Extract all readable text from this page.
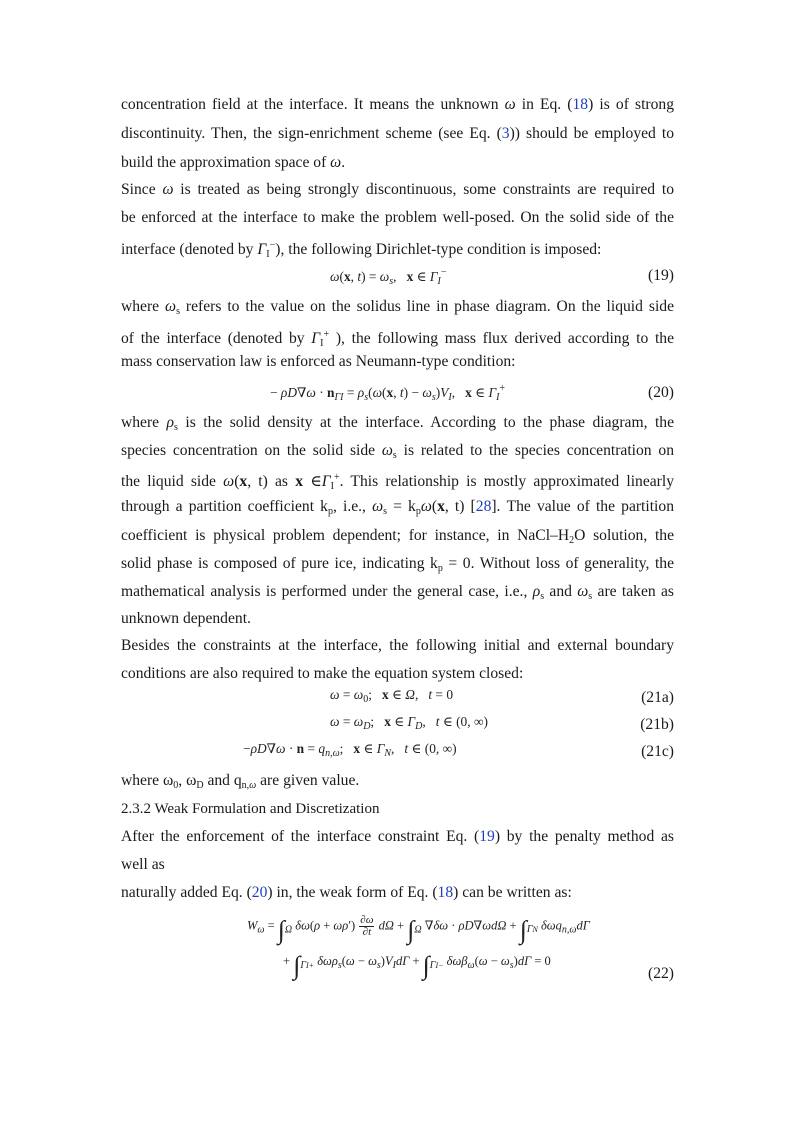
concentration field at the interface. It means the unknown ω in Eq. (18) is of strong
discontinuity. Then, the sign-enrichment scheme (see Eq. (3)) should be employed to
build the approximation space of ω.
Since ω is treated as being strongly discontinuous, some constraints are required to
be enforced at the interface to make the problem well-posed. On the solid side of the
interface (denoted by $\Gamma_I^-$), the following Dirichlet-type condition is imposed:
ω(x, $t) = \omega_s$,   x ∈ $\Gamma_I^-$	(19)
where $\omega_s$ refers to the value on the solidus line in phase diagram. On the liquid side
of the interface (denoted by $\Gamma_I^+$ ), the following mass flux derived according to the
mass conservation law is enforced as Neumann-type condition:
− $\rho D\nabla\omega \cdot n_{\Gamma I} = \rho_s(\omega(x$, $t) - \omega_s)V_I$,   x ∈ $\Gamma_I^+$	(20)
where $\rho_s$ is the solid density at the interface. According to the phase diagram, the
species concentration on the solid side $\omega_s$ is related to the species concentration on
the liquid side ω(x, t) as x $\in\Gamma_I^+$. This relationship is mostly approximated linearly
through a partition coefficient $k_p$, i.e., $\omega_s = k_p\omega(x$, t) [28]. The value of the partition
coefficient is physical problem dependent; for instance, in NaCl–$H_2O$ solution, the
solid phase is composed of pure ice, indicating $k_p = 0$. Without loss of generality, the
mathematical analysis is performed under the general case, i.e., $\rho_s$ and $\omega_s$ are taken as
unknown dependent.
Besides the constraints at the interface, the following initial and external boundary
conditions are also required to make the equation system closed:
$\omega = \omega_0$;   x ∈ Ω,   t = 0	(21a)
$\omega = \omega_D$;   x ∈ $\Gamma_D$,   t ∈ (0, ∞)	(21b)
$-\rho D\nabla\omega \cdot n = q_{n,\omega}$;   x ∈ $\Gamma_N$,   t ∈ (0, ∞)	(21c)
where $\omega_0$, $\omega_D$ and $q_{n,\omega}$ are given value.
2.3.2 Weak Formulation and Discretization
After the enforcement of the interface constraint Eq. (19) by the penalty method as
well as
naturally added Eq. (20) in, the weak form of Eq. (18) can be written as:
$W_\omega = \int_\Omega$ $\delta\omega(\rho + \omega\rho') \frac{\partial\omega}{\partial t}$ $d\Omega + \int_\Omega$ $\nabla\delta\omega \cdot \rho D\nabla\omega d\Omega + \int_{\Gamma N}$ δωq$_{n,\omega}$dΓ
+ $\int_{\Gamma I+}$ $\delta\omega\rho_s(\omega - \omega_s)V_Id\Gamma + \int_{\Gamma I-}$ $\delta\omega\beta_\omega(\omega - \omega_s)d\Gamma = 0$
(22)
